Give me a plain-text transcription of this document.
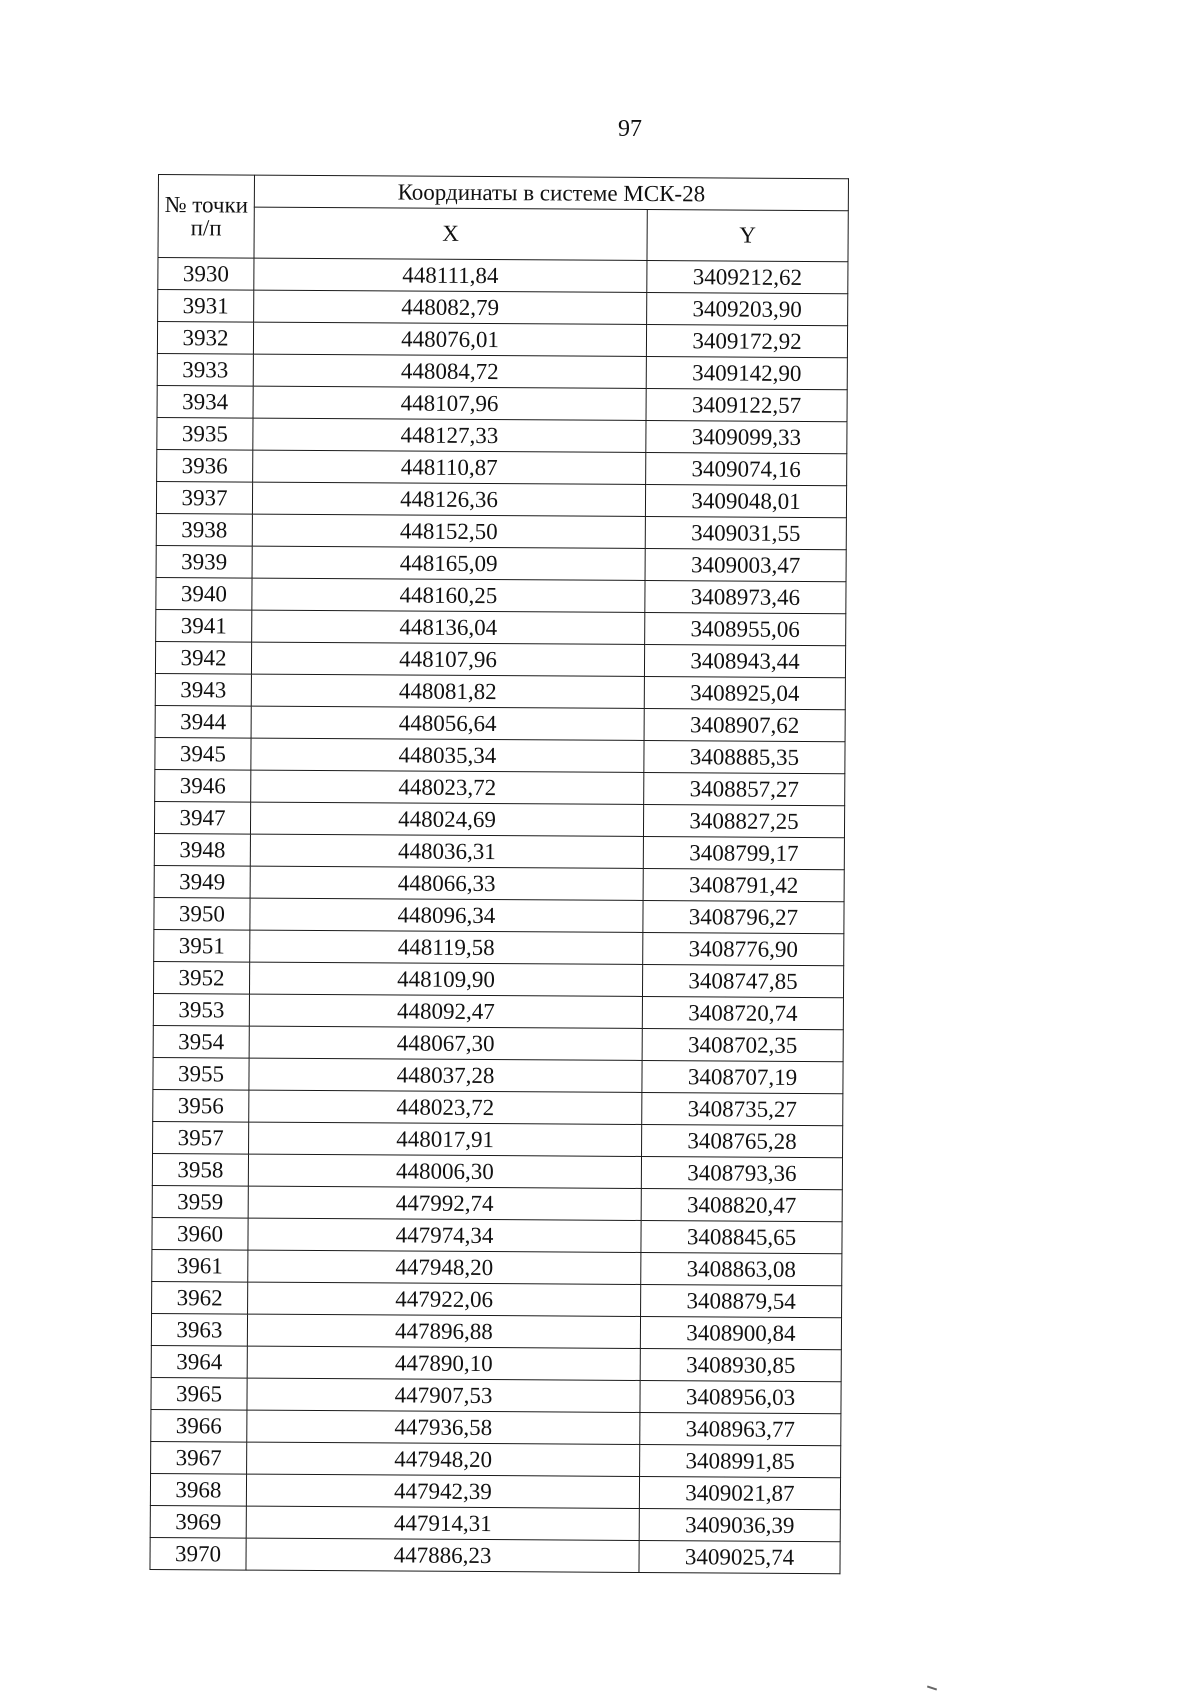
97
№ точки п/п	Координаты в системе МСК-28	
	X	Y
3930	448111,84	3409212,62
3931	448082,79	3409203,90
3932	448076,01	3409172,92
3933	448084,72	3409142,90
3934	448107,96	3409122,57
3935	448127,33	3409099,33
3936	448110,87	3409074,16
3937	448126,36	3409048,01
3938	448152,50	3409031,55
3939	448165,09	3409003,47
3940	448160,25	3408973,46
3941	448136,04	3408955,06
3942	448107,96	3408943,44
3943	448081,82	3408925,04
3944	448056,64	3408907,62
3945	448035,34	3408885,35
3946	448023,72	3408857,27
3947	448024,69	3408827,25
3948	448036,31	3408799,17
3949	448066,33	3408791,42
3950	448096,34	3408796,27
3951	448119,58	3408776,90
3952	448109,90	3408747,85
3953	448092,47	3408720,74
3954	448067,30	3408702,35
3955	448037,28	3408707,19
3956	448023,72	3408735,27
3957	448017,91	3408765,28
3958	448006,30	3408793,36
3959	447992,74	3408820,47
3960	447974,34	3408845,65
3961	447948,20	3408863,08
3962	447922,06	3408879,54
3963	447896,88	3408900,84
3964	447890,10	3408930,85
3965	447907,53	3408956,03
3966	447936,58	3408963,77
3967	447948,20	3408991,85
3968	447942,39	3409021,87
3969	447914,31	3409036,39
3970	447886,23	3409025,74
